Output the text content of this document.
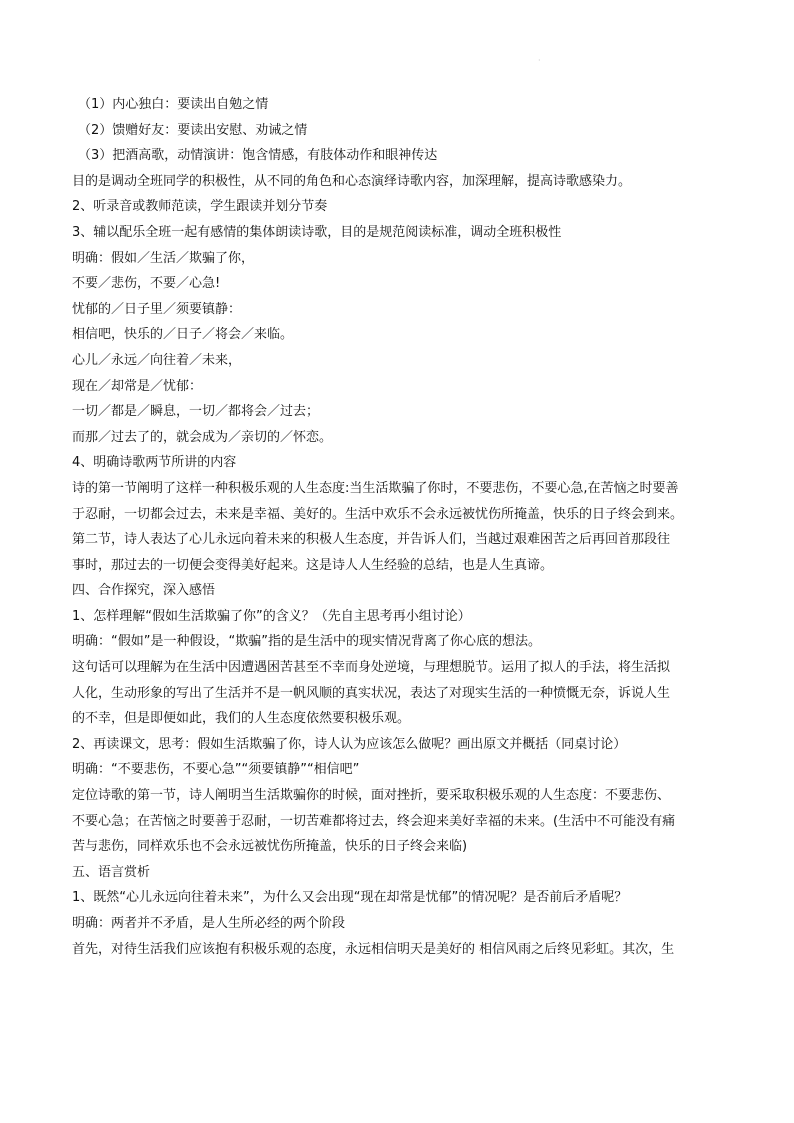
·
（1）内心独白：要读出自勉之情
（2）馈赠好友：要读出安慰、劝诫之情
（3）把酒高歌，动情演讲：饱含情感，有肢体动作和眼神传达
目的是调动全班同学的积极性，从不同的角色和心态演绎诗歌内容，加深理解，提高诗歌感染力。
2、听录音或教师范读，学生跟读并划分节奏
3、辅以配乐全班一起有感情的集体朗读诗歌，目的是规范阅读标准，调动全班积极性
明确：假如／生活／欺骗了你，
不要／悲伤，不要／心急!
忧郁的／日子里／须要镇静：
相信吧，快乐的／日子／将会／来临。
心儿／永远／向往着／未来，
现在／却常是／忧郁：
一切／都是／瞬息，一切／都将会／过去；
而那／过去了的，就会成为／亲切的／怀恋。
4、明确诗歌两节所讲的内容
诗的第一节阐明了这样一种积极乐观的人生态度:当生活欺骗了你时，不要悲伤，不要心急,在苦恼之时要善
于忍耐，一切都会过去，未来是幸福、美好的。生活中欢乐不会永远被忧伤所掩盖，快乐的日子终会到来。
第二节，诗人表达了心儿永远向着未来的积极人生态度，并告诉人们，当越过艰难困苦之后再回首那段往
事时，那过去的一切便会变得美好起来。这是诗人人生经验的总结，也是人生真谛。
四、合作探究，深入感悟
1、怎样理解“假如生活欺骗了你”的含义？（先自主思考再小组讨论）
明确：“假如”是一种假设，“欺骗”指的是生活中的现实情况背离了你心底的想法。
这句话可以理解为在生活中因遭遇困苦甚至不幸而身处逆境，与理想脱节。运用了拟人的手法，将生活拟
人化，生动形象的写出了生活并不是一帆风顺的真实状况，表达了对现实生活的一种愤慨无奈，诉说人生
的不幸，但是即便如此，我们的人生态度依然要积极乐观。
2、再读课文，思考：假如生活欺骗了你，诗人认为应该怎么做呢？画出原文并概括（同桌讨论）
明确：“不要悲伤，不要心急”“须要镇静”“相信吧”
定位诗歌的第一节，诗人阐明当生活欺骗你的时候，面对挫折，要采取积极乐观的人生态度：不要悲伤、
不要心急；在苦恼之时要善于忍耐，一切苦难都将过去，终会迎来美好幸福的未来。(生活中不可能没有痛
苦与悲伤，同样欢乐也不会永远被忧伤所掩盖，快乐的日子终会来临)
五、语言赏析
1、既然“心儿永远向往着未来”，为什么又会出现“现在却常是忧郁”的情况呢？是否前后矛盾呢？
明确：两者并不矛盾，是人生所必经的两个阶段
首先，对待生活我们应该抱有积极乐观的态度，永远相信明天是美好的 相信风雨之后终见彩虹。其次，生
